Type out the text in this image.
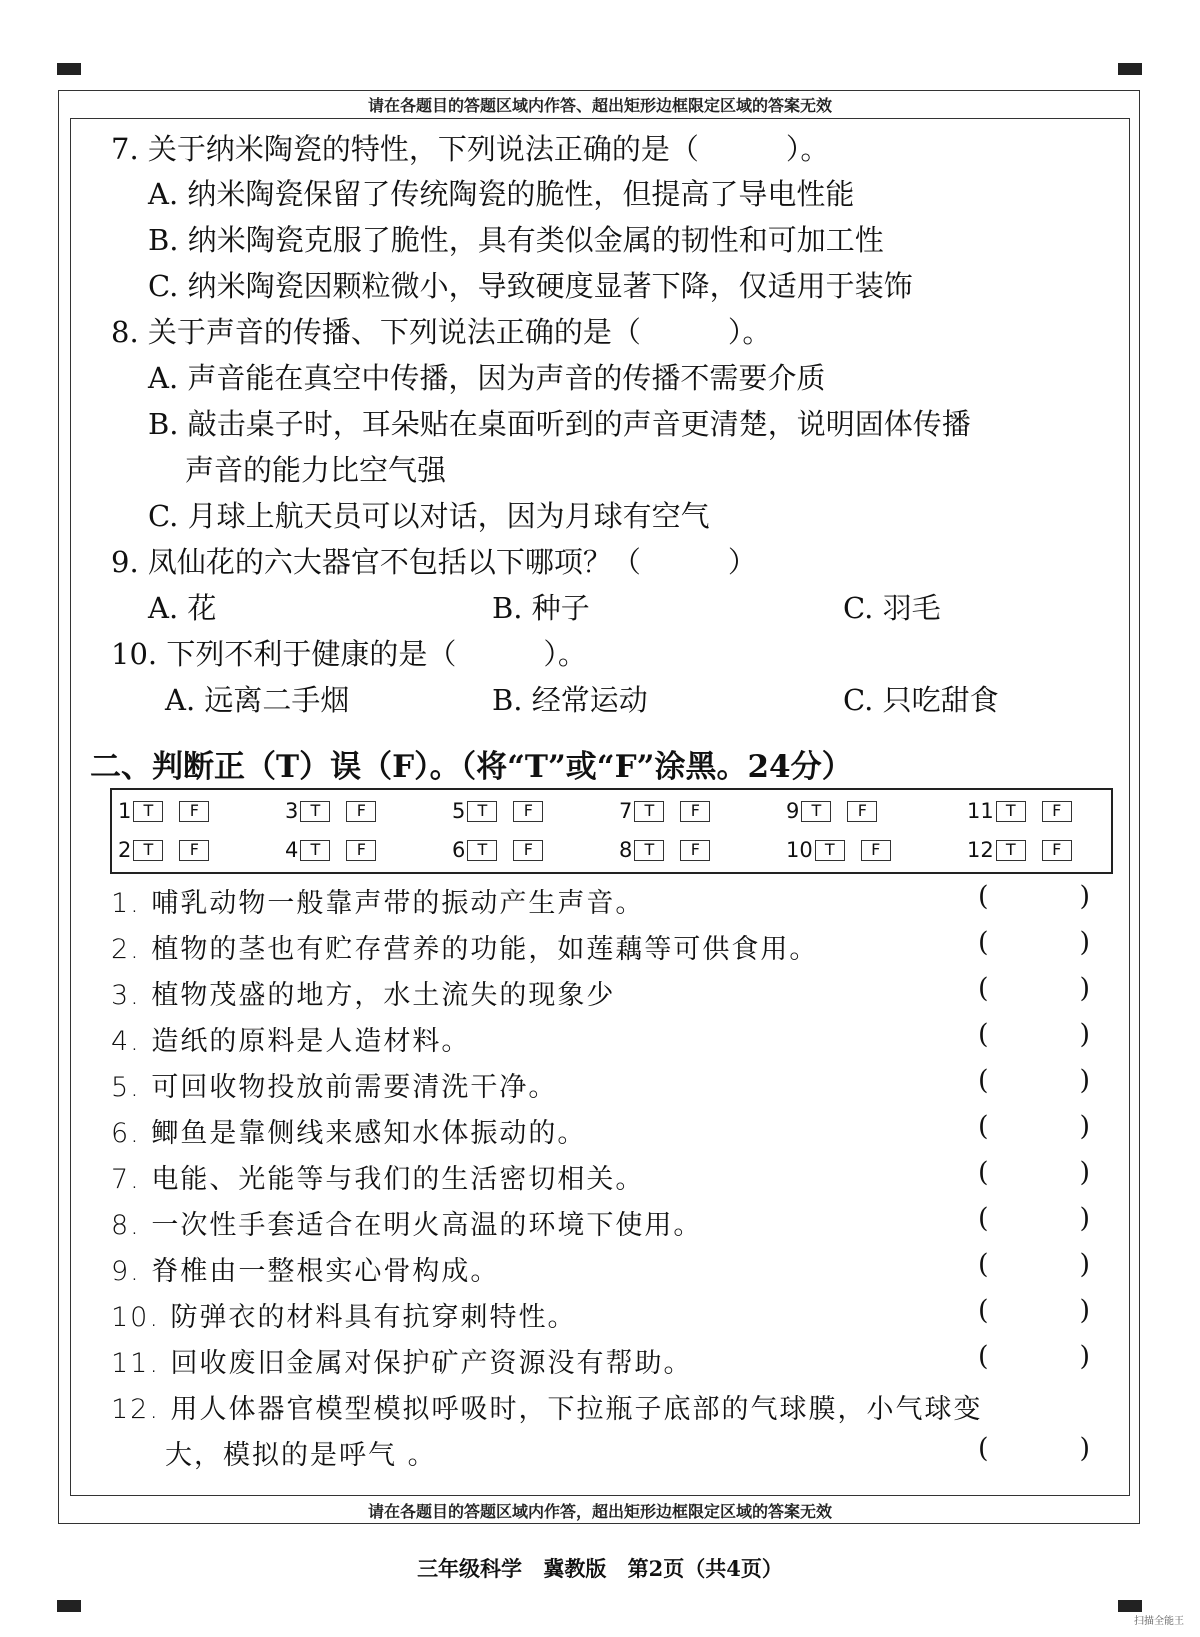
请在各题目的答题区域内作答、超出矩形边框限定区域的答案无效
7. 关于纳米陶瓷的特性，下列说法正确的是（　　　）。
A. 纳米陶瓷保留了传统陶瓷的脆性，但提高了导电性能
B. 纳米陶瓷克服了脆性，具有类似金属的韧性和可加工性
C. 纳米陶瓷因颗粒微小，导致硬度显著下降，仅适用于装饰
8. 关于声音的传播、下列说法正确的是（　　　）。
A. 声音能在真空中传播，因为声音的传播不需要介质
B. 敲击桌子时，耳朵贴在桌面听到的声音更清楚，说明固体传播
声音的能力比空气强
C. 月球上航天员可以对话，因为月球有空气
9. 凤仙花的六大器官不包括以下哪项？（　　　）
A. 花	B. 种子	C. 羽毛
10. 下列不利于健康的是（　　　）。
A. 远离二手烟	B. 经常运动	C. 只吃甜食
二、判断正（T）误（F）。（将“T”或“F”涂黑。24分）
1 T	F	3 T	F	5 T	F	7 T	F	9 T	F	11 T	F
2 T	F	4 T	F	6 T	F	8 T	F	10 T	F	12 T	F
1. 哺乳动物一般靠声带的振动产生声音。	(	)
2. 植物的茎也有贮存营养的功能，如莲藕等可供食用。	(	)
3. 植物茂盛的地方，水土流失的现象少	(	)
4. 造纸的原料是人造材料。	(	)
5. 可回收物投放前需要清洗干净。	(	)
6. 鲫鱼是靠侧线来感知水体振动的。	(	)
7. 电能、光能等与我们的生活密切相关。	(	)
8. 一次性手套适合在明火高温的环境下使用。	(	)
9. 脊椎由一整根实心骨构成。	(	)
10. 防弹衣的材料具有抗穿刺特性。	(	)
11. 回收废旧金属对保护矿产资源没有帮助。	(	)
12. 用人体器官模型模拟呼吸时，下拉瓶子底部的气球膜，小气球变
大，模拟的是呼气 。	(	)
请在各题目的答题区域内作答，超出矩形边框限定区域的答案无效
三年级科学 冀教版 第2页（共4页）
扫描全能王
